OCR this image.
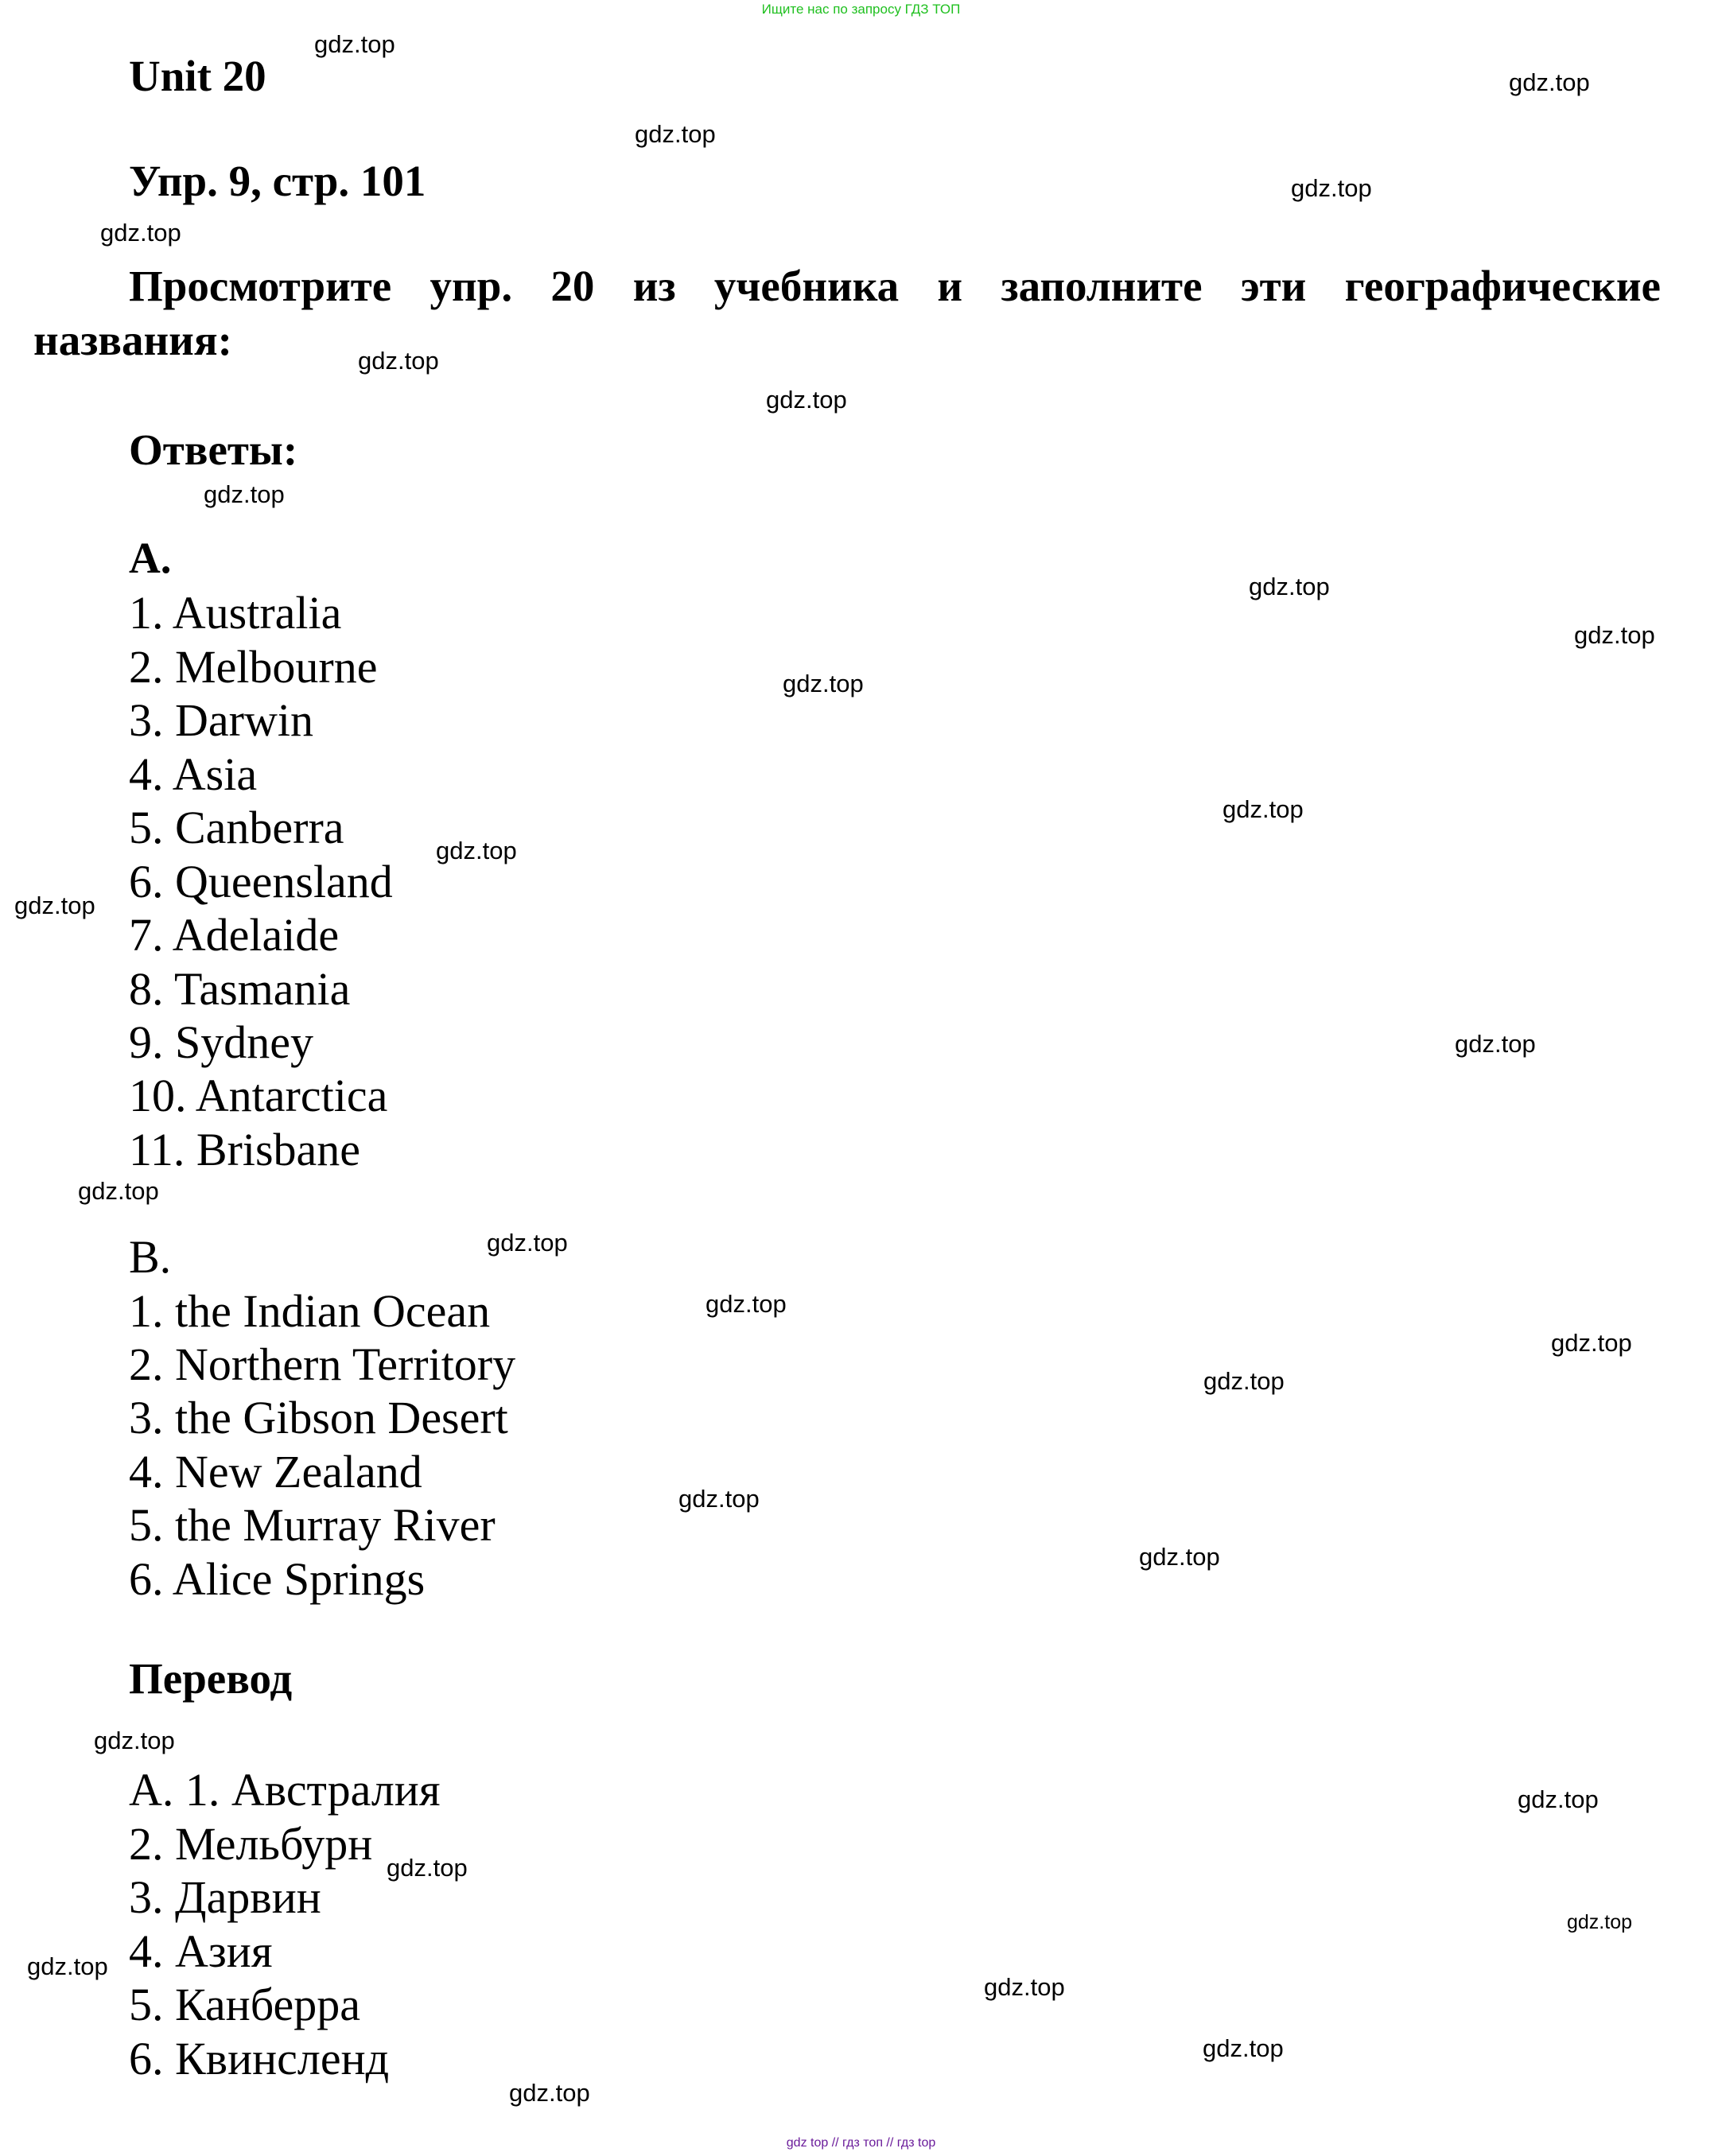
Ищите нас по запросу ГДЗ ТОП
Unit 20
Упр. 9, стр. 101
Просмотрите упр. 20 из учебника и заполните эти географические
названия:
Ответы:
A.
1. Australia
2. Melbourne
3. Darwin
4. Asia
5. Canberra
6. Queensland
7. Adelaide
8. Tasmania
9. Sydney
10. Antarctica
11. Brisbane
B.
1. the Indian Ocean
2. Northern Territory
3. the Gibson Desert
4. New Zealand
5. the Murray River
6. Alice Springs
Перевод
A. 1. Австралия
2. Мельбурн
3. Дарвин
4. Азия
5. Канберра
6. Квинсленд
gdz.top
gdz.top
gdz.top
gdz.top
gdz.top
gdz.top
gdz.top
gdz.top
gdz.top
gdz.top
gdz.top
gdz.top
gdz.top
gdz.top
gdz.top
gdz.top
gdz.top
gdz.top
gdz.top
gdz.top
gdz.top
gdz.top
gdz.top
gdz.top
gdz.top
gdz.top
gdz.top
gdz.top
gdz.top
gdz.top
gdz top // гдз топ // гдз top
